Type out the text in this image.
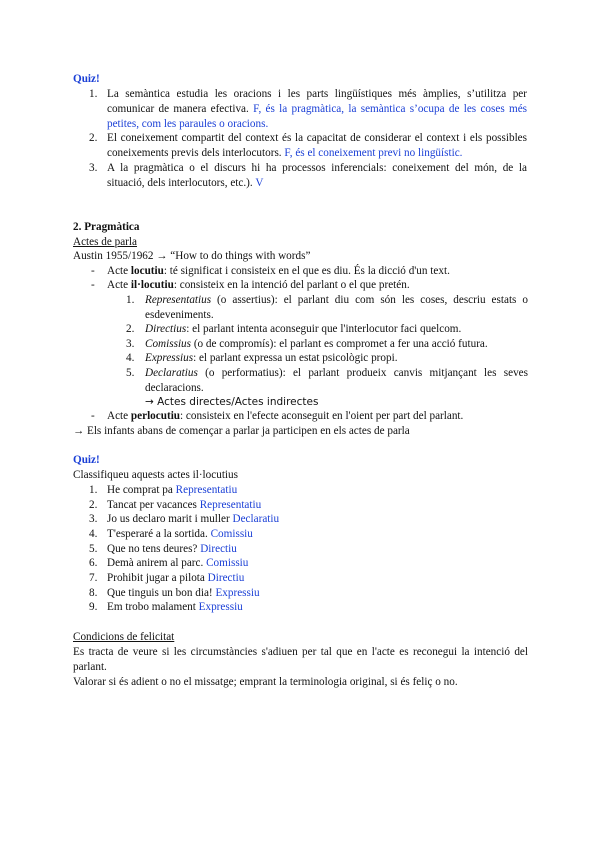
Quiz!
1. La semàntica estudia les oracions i les parts lingüístiques més àmplies, s’utilitza per comunicar de manera efectiva. F, és la pragmàtica, la semàntica s’ocupa de les coses més petites, com les paraules o oracions.
2. El coneixement compartit del context és la capacitat de considerar el context i els possibles coneixements previs dels interlocutors. F, és el coneixement previ no lingüístic.
3. A la pragmàtica o el discurs hi ha processos inferencials: coneixement del món, de la situació, dels interlocutors, etc.). V
2. Pragmàtica
Actes de parla
Austin 1955/1962 → “How to do things with words”
- Acte locutiu: té significat i consisteix en el que es diu. És la dicció d'un text.
- Acte il·locutiu: consisteix en la intenció del parlant o el que pretén.
1. Representatius (o assertius): el parlant diu com són les coses, descriu estats o esdeveniments.
2. Directius: el parlant intenta aconseguir que l'interlocutor faci quelcom.
3. Comissius (o de compromís): el parlant es compromet a fer una acció futura.
4. Expressius: el parlant expressa un estat psicològic propi.
5. Declaratius (o performatius): el parlant produeix canvis mitjançant les seves declaracions.
→ Actes directes/Actes indirectes
- Acte perlocutiu: consisteix en l'efecte aconseguit en l'oient per part del parlant.
→ Els infants abans de començar a parlar ja participen en els actes de parla
Quiz!
Classifiqueu aquests actes il·locutius
1. He comprat pa Representatiu
2. Tancat per vacances Representatiu
3. Jo us declaro marit i muller Declaratiu
4. T'esperaré a la sortida. Comissiu
5. Que no tens deures? Directiu
6. Demà anirem al parc. Comissiu
7. Prohibit jugar a pilota Directiu
8. Que tinguis un bon dia! Expressiu
9. Em trobo malament Expressiu
Condicions de felicitat
Es tracta de veure si les circumstàncies s'adiuen per tal que en l'acte es reconegui la intenció del parlant.
Valorar si és adient o no el missatge; emprant la terminologia original, si és feliç o no.
